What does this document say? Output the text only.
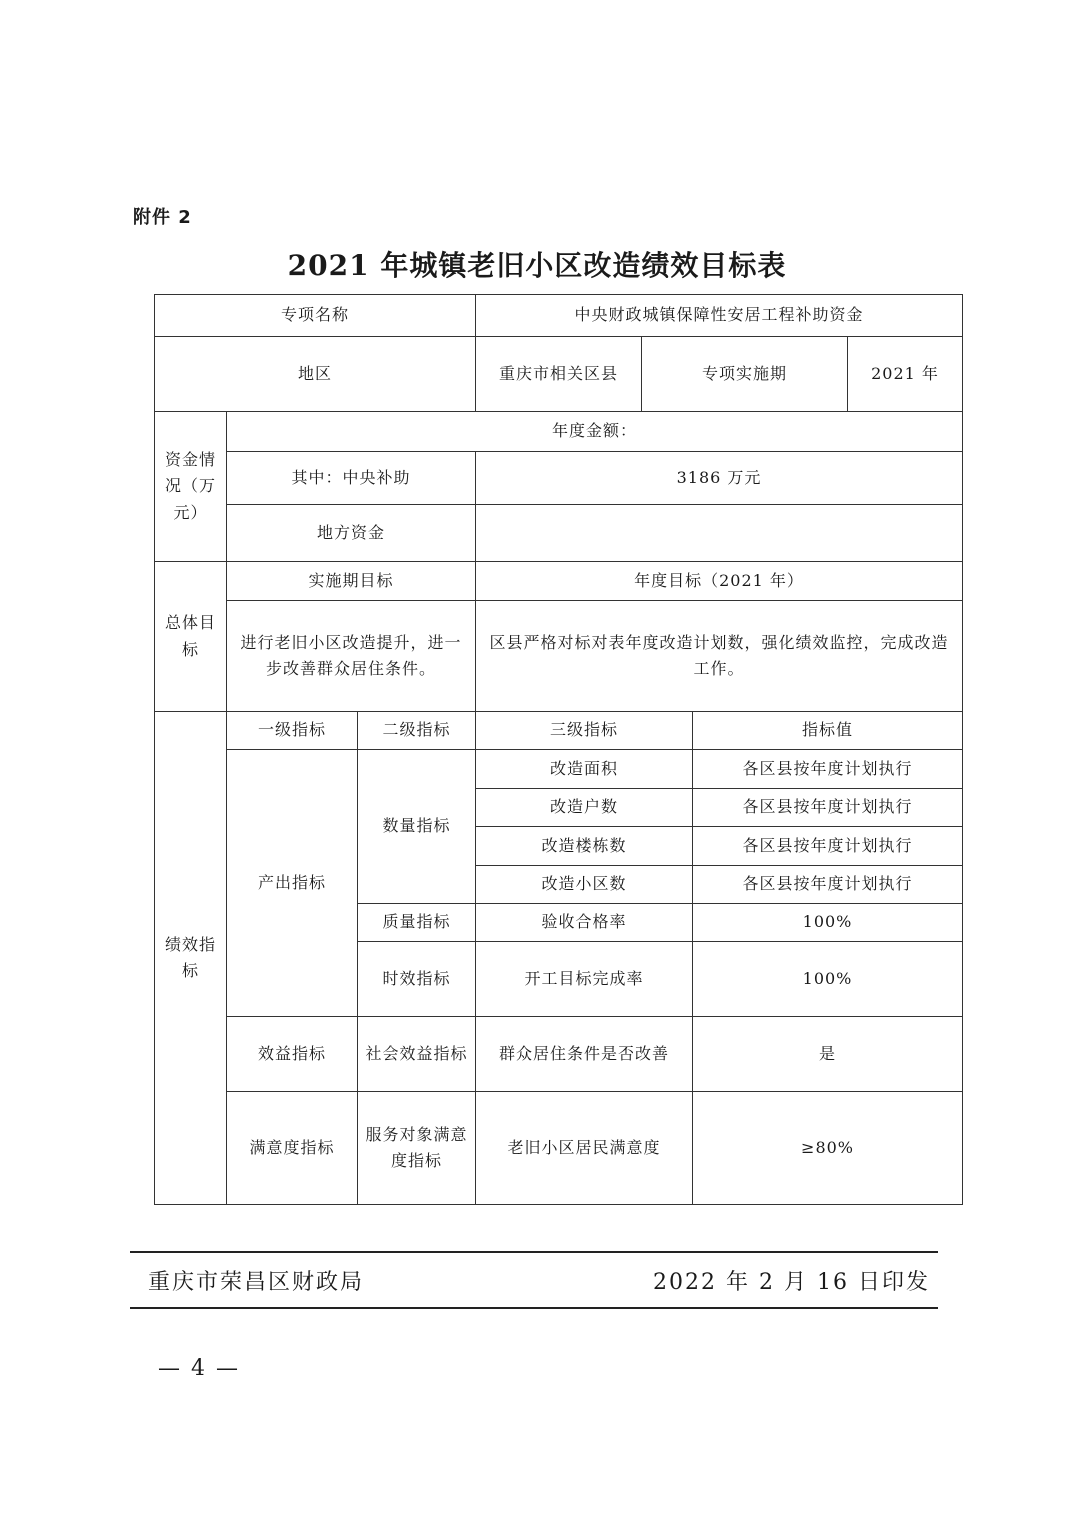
附件 2
2021 年城镇老旧小区改造绩效目标表
专项名称			中央财政城镇保障性安居工程补助资金			
地区			重庆市相关区县	专项实施期		2021 年
资金情况（万元）	年度金额：					
	其中：中央补助		3186 万元			
	地方资金					
总体目标	实施期目标		年度目标（2021 年）			
	进行老旧小区改造提升，进一步改善群众居住条件。		区县严格对标对表年度改造计划数，强化绩效监控，完成改造工作。			
绩效指标	一级指标	二级指标	三级指标		指标值	
	产出指标	数量指标	改造面积		各区县按年度计划执行	
			改造户数		各区县按年度计划执行	
			改造楼栋数		各区县按年度计划执行	
			改造小区数		各区县按年度计划执行	
		质量指标	验收合格率		100%	
		时效指标	开工目标完成率		100%	
	效益指标	社会效益指标	群众居住条件是否改善		是	
	满意度指标	服务对象满意度指标	老旧小区居民满意度		≥80%	
重庆市荣昌区财政局	2022 年 2 月 16 日印发
— 4 —
